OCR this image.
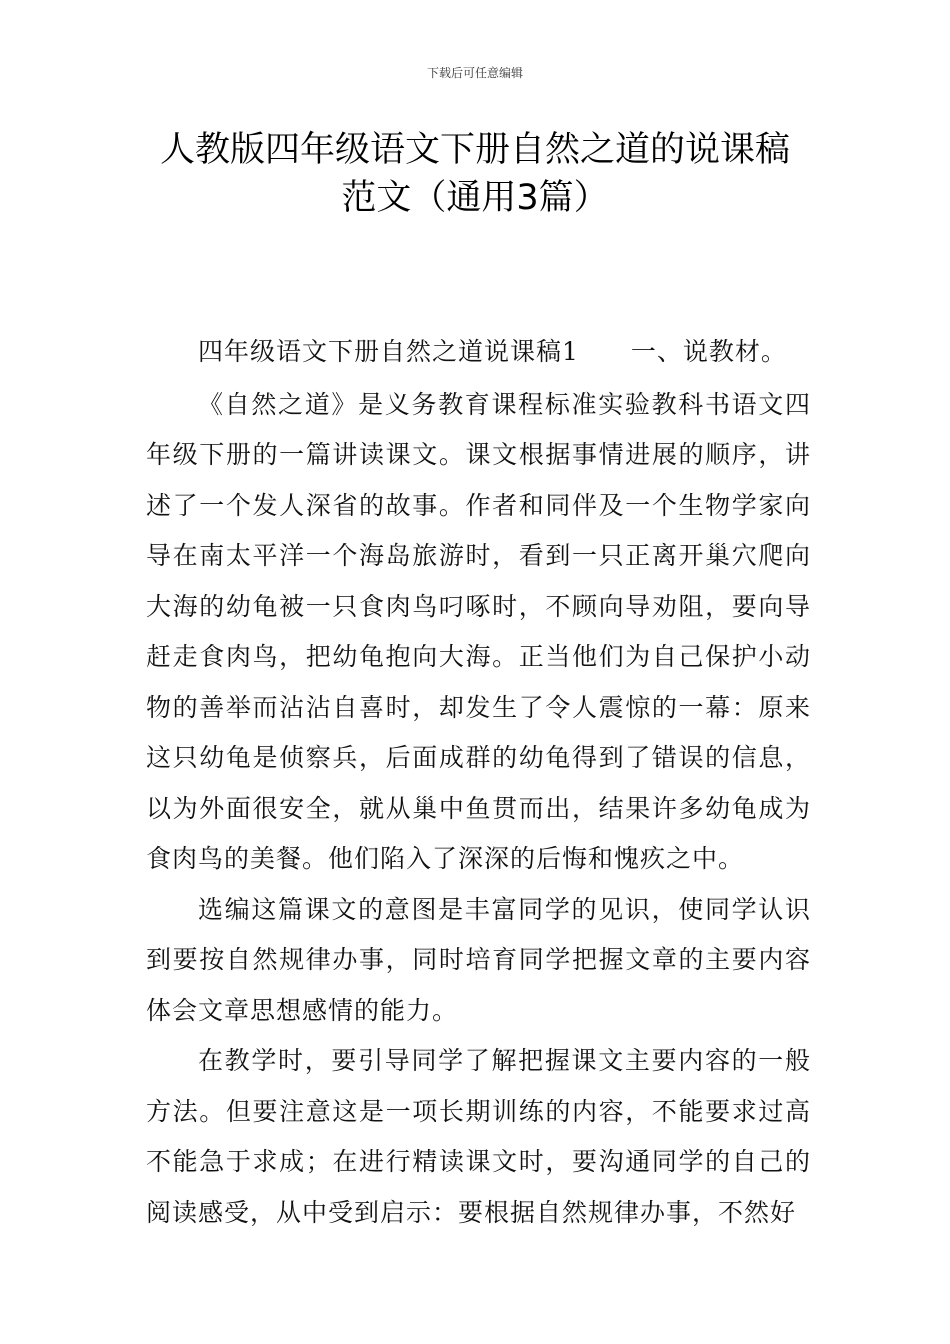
下载后可任意编辑
人教版四年级语文下册自然之道的说课稿
范文（通用3篇）

四年级语文下册自然之道说课稿1 一、说教材。

《自然之道》是义务教育课程标准实验教科书语文四年级下册的一篇讲读课文。课文根据事情进展的顺序，讲述了一个发人深省的故事。作者和同伴及一个生物学家向导在南太平洋一个海岛旅游时，看到一只正离开巢穴爬向大海的幼龟被一只食肉鸟叼啄时，不顾向导劝阻，要向导赶走食肉鸟，把幼龟抱向大海。正当他们为自己保护小动物的善举而沾沾自喜时，却发生了令人震惊的一幕：原来这只幼龟是侦察兵，后面成群的幼龟得到了错误的信息，以为外面很安全，就从巢中鱼贯而出，结果许多幼龟成为食肉鸟的美餐。他们陷入了深深的后悔和愧疚之中。

选编这篇课文的意图是丰富同学的见识，使同学认识到要按自然规律办事，同时培育同学把握文章的主要内容体会文章思想感情的能力。

在教学时，要引导同学了解把握课文主要内容的一般方法。但要注意这是一项长期训练的内容，不能要求过高不能急于求成；在进行精读课文时，要沟通同学的自己的阅读感受，从中受到启示：要根据自然规律办事，不然好
